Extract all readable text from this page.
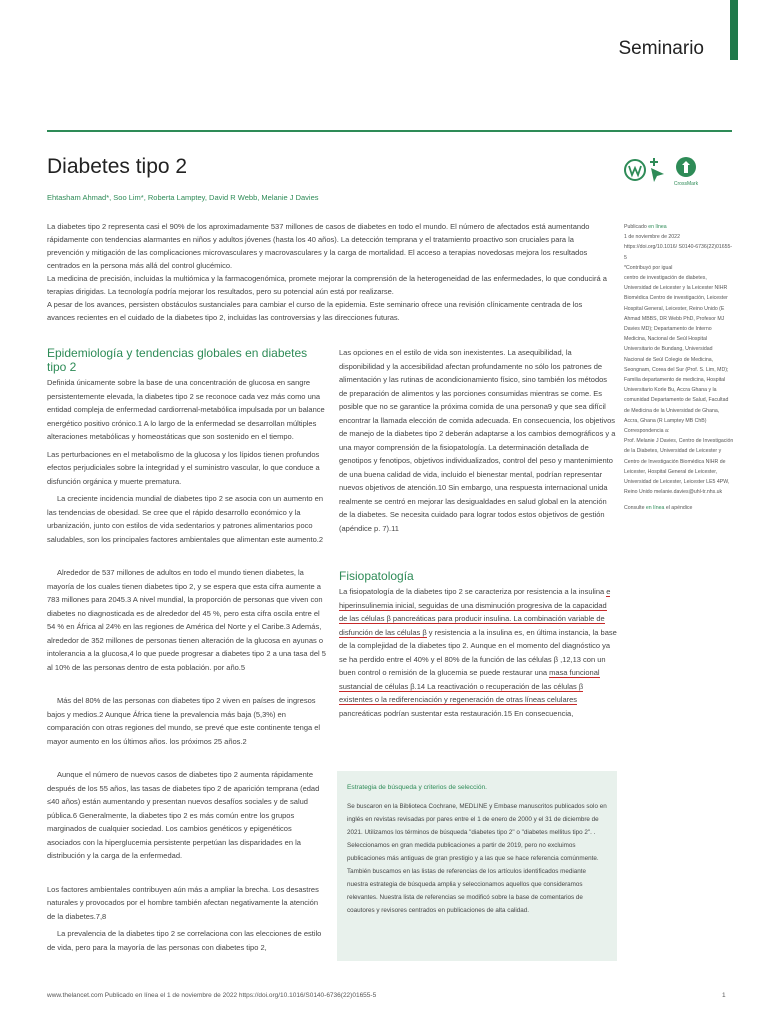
Seminario
Diabetes tipo 2
Ehtasham Ahmad*, Soo Lim*, Roberta Lamptey, David R Webb, Melanie J Davies
CrossMark

La diabetes tipo 2 representa casi el 90% de los aproximadamente 537 millones de casos de diabetes en todo el mundo. El número de afectados está aumentando rápidamente con tendencias alarmantes en niños y adultos jóvenes (hasta los 40 años). La detección temprana y el tratamiento proactivo son cruciales para la prevención y mitigación de las complicaciones microvasculares y macrovasculares y la carga de mortalidad. El acceso a terapias novedosas mejora los resultados centrados en la persona más allá del control glucémico.

La medicina de precisión, incluidas la multiómica y la farmacogenómica, promete mejorar la comprensión de la heterogeneidad de las enfermedades, lo que conducirá a terapias dirigidas. La tecnología podría mejorar los resultados, pero su potencial aún está por realizarse.

A pesar de los avances, persisten obstáculos sustanciales para cambiar el curso de la epidemia. Este seminario ofrece una revisión clínicamente centrada de los avances recientes en el cuidado de la diabetes tipo 2, incluidas las controversias y las direcciones futuras.

Epidemiología y tendencias globales en diabetes tipo 2

Definida únicamente sobre la base de una concentración de glucosa en sangre persistentemente elevada, la diabetes tipo 2 se reconoce cada vez más como una entidad compleja de enfermedad cardiorrenal-metabólica impulsada por un balance energético positivo crónico.1 A lo largo de la enfermedad se desarrollan múltiples alteraciones metabólicas y homeostáticas que son sostenido en el tiempo.

Las perturbaciones en el metabolismo de la glucosa y los lípidos tienen profundos efectos perjudiciales sobre la integridad y el suministro vascular, lo que conduce a disfunción orgánica y muerte prematura.

La creciente incidencia mundial de diabetes tipo 2 se asocia con un aumento en las tendencias de obesidad. Se cree que el rápido desarrollo económico y la urbanización, junto con estilos de vida sedentarios y patrones alimentarios poco saludables, son los principales factores ambientales que alimentan este aumento.2

Alrededor de 537 millones de adultos en todo el mundo tienen diabetes, la mayoría de los cuales tienen diabetes tipo 2, y se espera que esta cifra aumente a 783 millones para 2045.3 A nivel mundial, la proporción de personas que viven con diabetes no diagnosticada es de alrededor del 45 %, pero esta cifra oscila entre el 54 % en África al 24% en las regiones de América del Norte y el Caribe.3 Además, alrededor de 352 millones de personas tienen alteración de la glucosa en ayunas o intolerancia a la glucosa,4 lo que puede progresar a diabetes tipo 2 a una tasa del 5 al 10% de las personas dentro de esta población. por año.5

Más del 80% de las personas con diabetes tipo 2 viven en países de ingresos bajos y medios.2 Aunque África tiene la prevalencia más baja (5,3%) en comparación con otras regiones del mundo, se prevé que este continente tenga el mayor aumento en los últimos años. los próximos 25 años.2

Aunque el número de nuevos casos de diabetes tipo 2 aumenta rápidamente después de los 55 años, las tasas de diabetes tipo 2 de aparición temprana (edad ≤40 años) están aumentando y presentan nuevos desafíos sociales y de salud pública.6 Generalmente, la diabetes tipo 2 es más común entre los grupos marginados de cualquier sociedad. Los cambios genéticos y epigenéticos asociados con la hiperglucemia persistente perpetúan las disparidades en la distribución y la carga de la enfermedad.

Los factores ambientales contribuyen aún más a ampliar la brecha. Los desastres naturales y provocados por el hombre también afectan negativamente la atención de la diabetes.7,8

La prevalencia de la diabetes tipo 2 se correlaciona con las elecciones de estilo de vida, pero para la mayoría de las personas con diabetes tipo 2,

Las opciones en el estilo de vida son inexistentes. La asequibilidad, la disponibilidad y la accesibilidad afectan profundamente no sólo los patrones de alimentación y las rutinas de acondicionamiento físico, sino también los métodos de preparación de alimentos y las porciones consumidas mientras se come. Es posible que no se garantice la próxima comida de una persona9 y que sea difícil encontrar la llamada elección de comida adecuada. En consecuencia, los objetivos de manejo de la diabetes tipo 2 deberán adaptarse a los cambios demográficos y a una mayor comprensión de la fisiopatología. La determinación detallada de genotipos y fenotipos, objetivos individualizados, control del peso y mantenimiento de una buena calidad de vida, incluido el bienestar mental, podrían representar nuevos objetivos de atención.10 Sin embargo, una respuesta internacional unida realmente se centró en mejorar las desigualdades en salud global en la atención de la diabetes. Se necesita cuidado para lograr todos estos objetivos de gestión (apéndice p. 7).11

Fisiopatología

La fisiopatología de la diabetes tipo 2 se caracteriza por resistencia a la insulina e hiperinsulinemia inicial, seguidas de una disminución progresiva de la capacidad de las células β pancreáticas para producir insulina. La combinación variable de disfunción de las células β y resistencia a la insulina es, en última instancia, la base de la complejidad de la diabetes tipo 2. Aunque en el momento del diagnóstico ya se ha perdido entre el 40% y el 80% de la función de las células β ,12,13 con un buen control o remisión de la glucemia se puede restaurar una masa funcional sustancial de células β.14 La reactivación o recuperación de las células β existentes o la rediferenciación y regeneración de otras líneas celulares pancreáticas podrían sustentar esta restauración.15 En consecuencia,

Estrategia de búsqueda y criterios de selección.

Se buscaron en la Biblioteca Cochrane, MEDLINE y Embase manuscritos publicados solo en inglés en revistas revisadas por pares entre el 1 de enero de 2000 y el 31 de diciembre de 2021. Utilizamos los términos de búsqueda "diabetes tipo 2" o "diabetes mellitus tipo 2". . Seleccionamos en gran medida publicaciones a partir de 2019, pero no excluimos publicaciones más antiguas de gran prestigio y a las que se hace referencia comúnmente. También buscamos en las listas de referencias de los artículos identificados mediante nuestra estrategia de búsqueda amplia y seleccionamos aquellos que consideramos relevantes. Nuestra lista de referencias se modificó sobre la base de comentarios de coautores y revisores centrados en publicaciones de alta calidad.

Publicado en línea

1 de noviembre de 2022

https://doi.org/10.1016/ S0140-6736(22)01655-5

*Contribuyó por igual

centro de investigación de diabetes, Universidad de Leicester y la Leicester NIHR Biomédica Centro de investigación, Leicester Hospital General, Leicester, Reino Unido (E Ahmad MBBS, DR Webb PhD, Profesor MJ Davies MD); Departamento de Interno Medicina, Nacional de Seúl Hospital Universitario de Bundang, Universidad Nacional de Seúl Colegio de Medicina, Seongnam, Corea del Sur (Prof. S. Lim, MD); Familia departamento de medicina, Hospital Universitario Korle Bu, Accra Ghana y la comunidad Departamento de Salud, Facultad de Medicina de la Universidad de Ghana, Accra, Ghana (R Lamptey MB ChB)

Correspondencia a:

Prof. Melanie J Davies, Centro de Investigación de la Diabetes, Universidad de Leicester y Centro de Investigación Biomédica NIHR de Leicester, Hospital General de Leicester, Universidad de Leicester, Leicester LE5 4PW, Reino Unido melanie.davies@uhl-tr.nhs.uk

Consulte en línea el apéndice

www.thelancet.com Publicado en línea el 1 de noviembre de 2022 https://doi.org/10.1016/S0140-6736(22)01655-5	1
